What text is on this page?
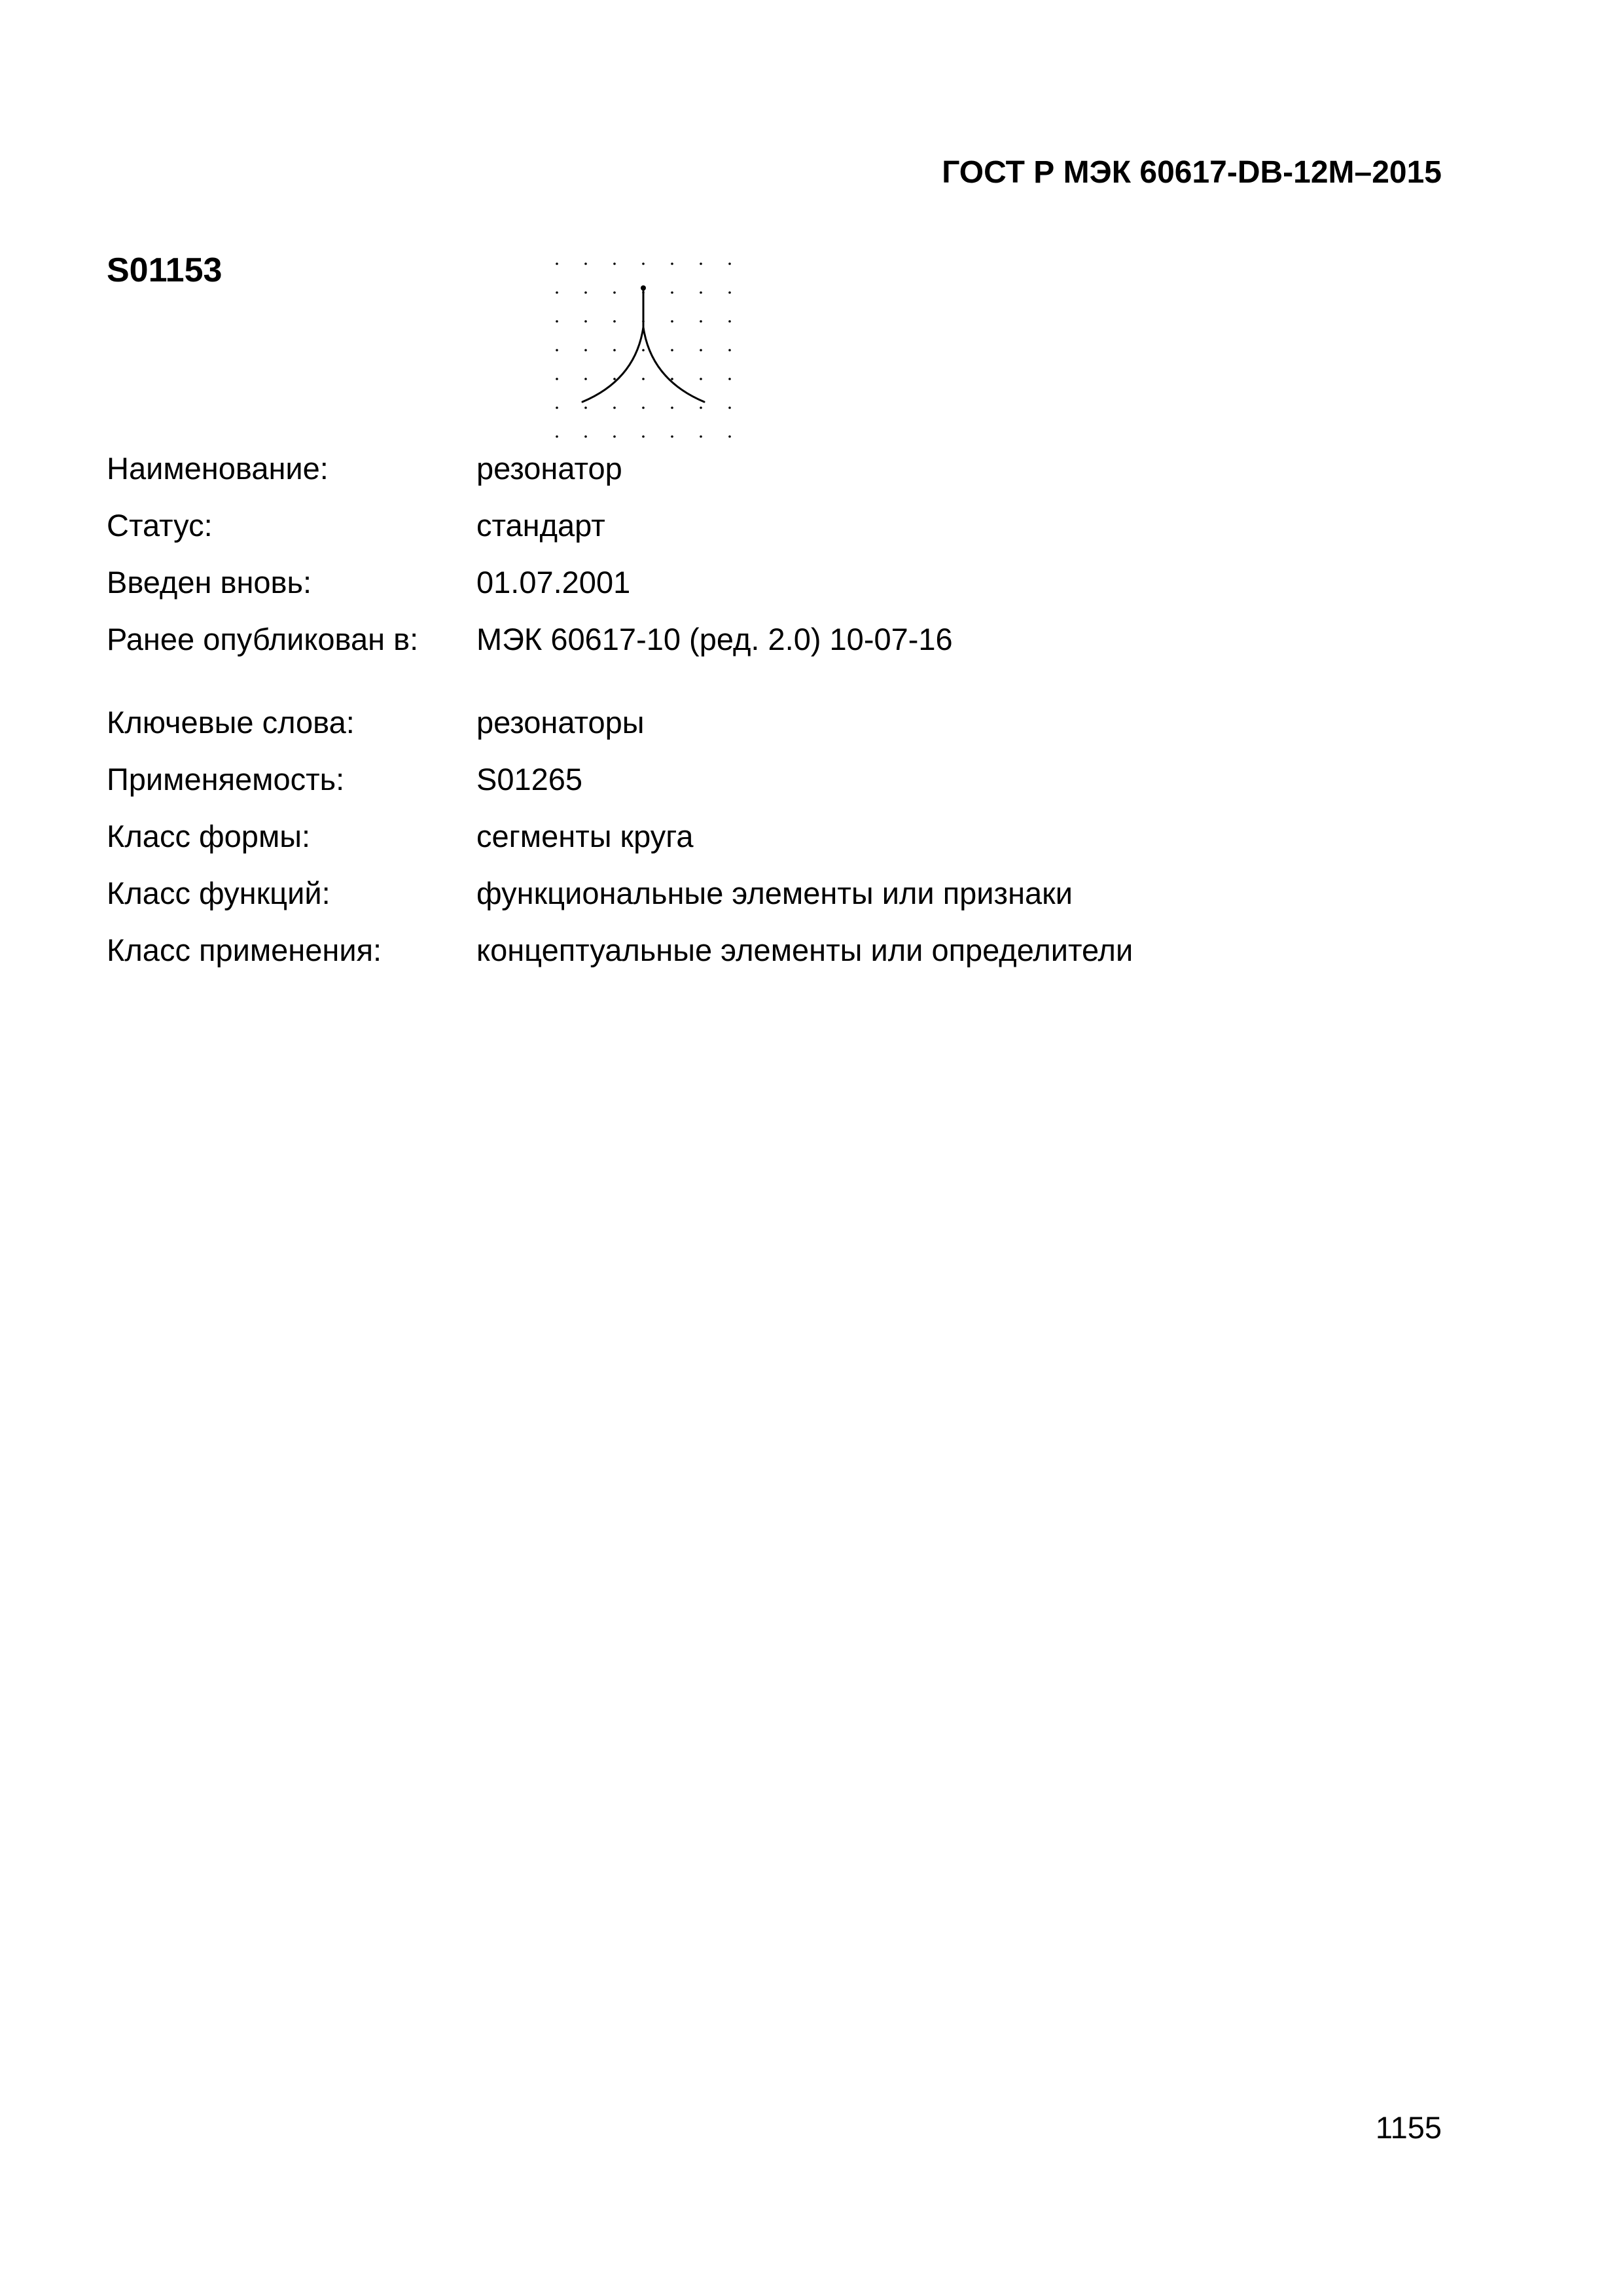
ГОСТ Р МЭК 60617-DB-12M–2015
S01153
Наименование:	резонатор
Статус:	стандарт
Введен вновь:	01.07.2001
Ранее опубликован в:	МЭК 60617-10 (ред. 2.0) 10-07-16
Ключевые слова:	резонаторы
Применяемость:	S01265
Класс формы:	сегменты круга
Класс функций:	функциональные элементы или признаки
Класс применения:	концептуальные элементы или определители
1155
